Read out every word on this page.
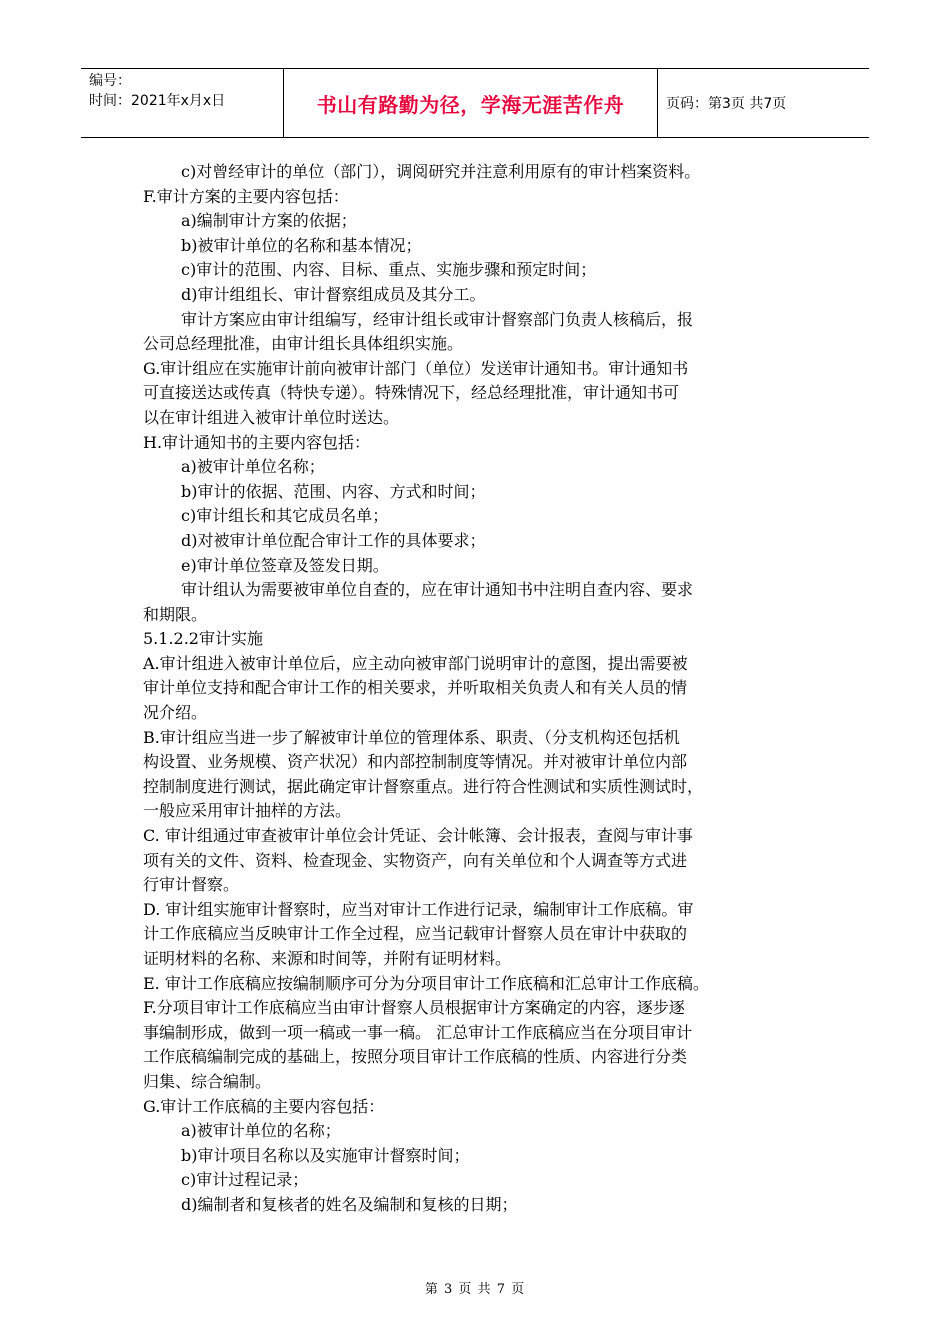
编号：
时间：2021年x月x日	书山有路勤为径，学海无涯苦作舟	页码：第3页 共7页
c)对曾经审计的单位（部门），调阅研究并注意利用原有的审计档案资料。
F.审计方案的主要内容包括：
a)编制审计方案的依据；
b)被审计单位的名称和基本情况；
c)审计的范围、内容、目标、重点、实施步骤和预定时间；
d)审计组组长、审计督察组成员及其分工。
审计方案应由审计组编写，经审计组长或审计督察部门负责人核稿后，报
公司总经理批准，由审计组长具体组织实施。
G.审计组应在实施审计前向被审计部门（单位）发送审计通知书。审计通知书
可直接送达或传真（特快专递）。特殊情况下，经总经理批准，审计通知书可
以在审计组进入被审计单位时送达。
H.审计通知书的主要内容包括：
a)被审计单位名称；
b)审计的依据、范围、内容、方式和时间；
c)审计组长和其它成员名单；
d)对被审计单位配合审计工作的具体要求；
e)审计单位签章及签发日期。
审计组认为需要被审单位自查的，应在审计通知书中注明自查内容、要求
和期限。
5.1.2.2审计实施
A.审计组进入被审计单位后，应主动向被审部门说明审计的意图，提出需要被
审计单位支持和配合审计工作的相关要求，并听取相关负责人和有关人员的情
况介绍。
B.审计组应当进一步了解被审计单位的管理体系、职责、（分支机构还包括机
构设置、业务规模、资产状况）和内部控制制度等情况。并对被审计单位内部
控制制度进行测试，据此确定审计督察重点。进行符合性测试和实质性测试时，
一般应采用审计抽样的方法。
C. 审计组通过审查被审计单位会计凭证、会计帐簿、会计报表，查阅与审计事
项有关的文件、资料、检查现金、实物资产，向有关单位和个人调查等方式进
行审计督察。
D. 审计组实施审计督察时，应当对审计工作进行记录，编制审计工作底稿。审
计工作底稿应当反映审计工作全过程，应当记载审计督察人员在审计中获取的
证明材料的名称、来源和时间等，并附有证明材料。
E. 审计工作底稿应按编制顺序可分为分项目审计工作底稿和汇总审计工作底稿。
F.分项目审计工作底稿应当由审计督察人员根据审计方案确定的内容，逐步逐
事编制形成，做到一项一稿或一事一稿。 汇总审计工作底稿应当在分项目审计
工作底稿编制完成的基础上，按照分项目审计工作底稿的性质、内容进行分类
归集、综合编制。
G.审计工作底稿的主要内容包括：
a)被审计单位的名称；
b)审计项目名称以及实施审计督察时间；
c)审计过程记录；
d)编制者和复核者的姓名及编制和复核的日期；
第 3 页 共 7 页
